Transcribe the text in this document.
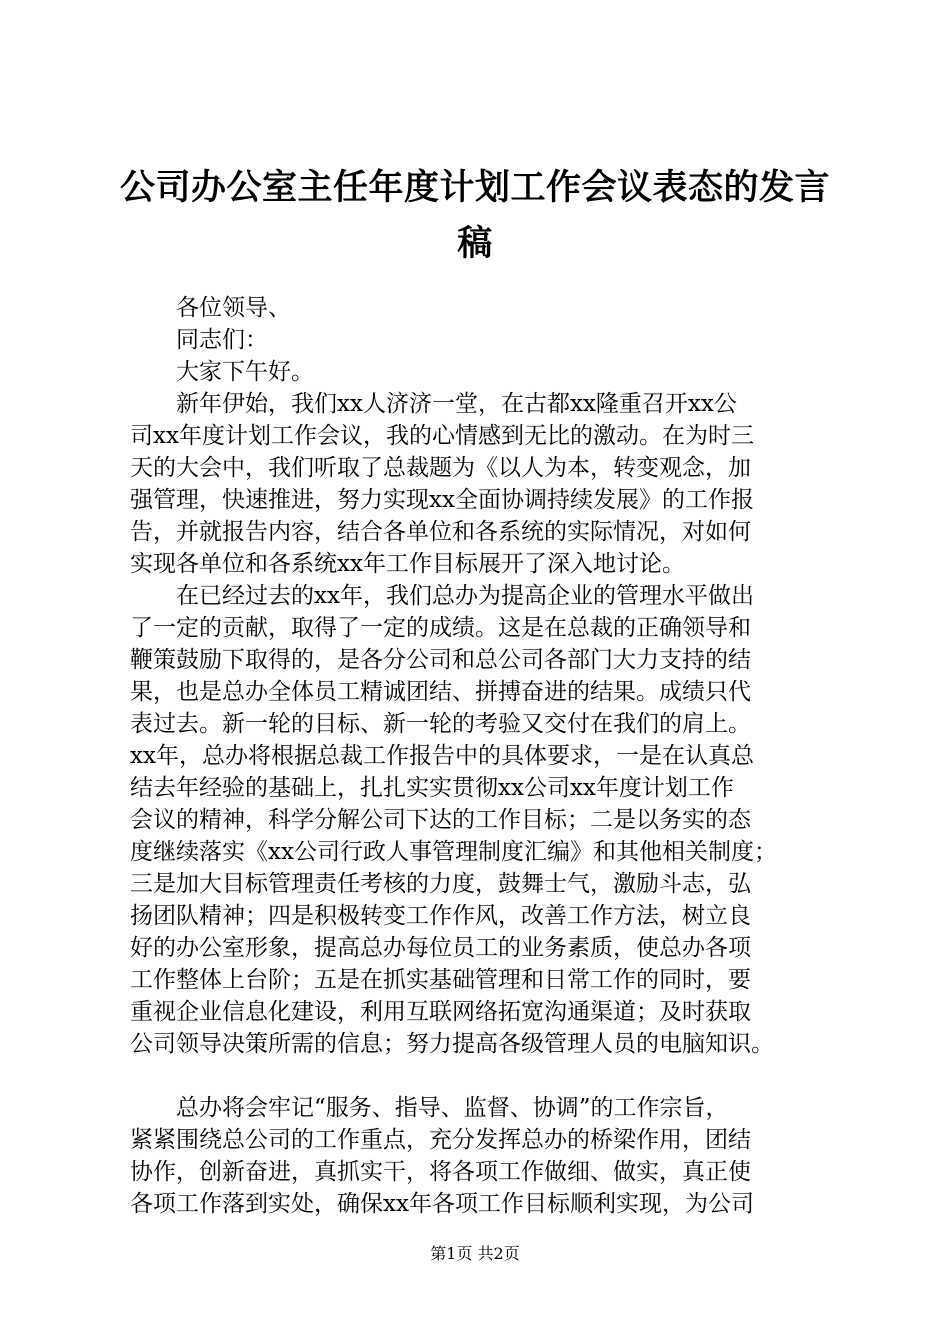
公司办公室主任年度计划工作会议表态的发言
稿

　　各位领导、

　　同志们：

　　大家下午好。

　　新年伊始，我们xx人济济一堂，在古都xx隆重召开xx公

司xx年度计划工作会议，我的心情感到无比的激动。在为时三

天的大会中，我们听取了总裁题为《以人为本，转变观念，加

强管理，快速推进，努力实现xx全面协调持续发展》的工作报

告，并就报告内容，结合各单位和各系统的实际情况，对如何

实现各单位和各系统xx年工作目标展开了深入地讨论。

　　在已经过去的xx年，我们总办为提高企业的管理水平做出

了一定的贡献，取得了一定的成绩。这是在总裁的正确领导和

鞭策鼓励下取得的，是各分公司和总公司各部门大力支持的结

果，也是总办全体员工精诚团结、拼搏奋进的结果。成绩只代

表过去。新一轮的目标、新一轮的考验又交付在我们的肩上。

xx年，总办将根据总裁工作报告中的具体要求，一是在认真总

结去年经验的基础上，扎扎实实贯彻xx公司xx年度计划工作

会议的精神，科学分解公司下达的工作目标；二是以务实的态

度继续落实《xx公司行政人事管理制度汇编》和其他相关制度；

三是加大目标管理责任考核的力度，鼓舞士气，激励斗志，弘

扬团队精神；四是积极转变工作作风，改善工作方法，树立良

好的办公室形象，提高总办每位员工的业务素质，使总办各项

工作整体上台阶；五是在抓实基础管理和日常工作的同时，要

重视企业信息化建设，利用互联网络拓宽沟通渠道；及时获取

公司领导决策所需的信息；努力提高各级管理人员的电脑知识。

　　总办将会牢记“服务、指导、监督、协调”的工作宗旨，

紧紧围绕总公司的工作重点，充分发挥总办的桥梁作用，团结

协作，创新奋进，真抓实干，将各项工作做细、做实，真正使

各项工作落到实处，确保xx年各项工作目标顺利实现，为公司

第1页 共2页
